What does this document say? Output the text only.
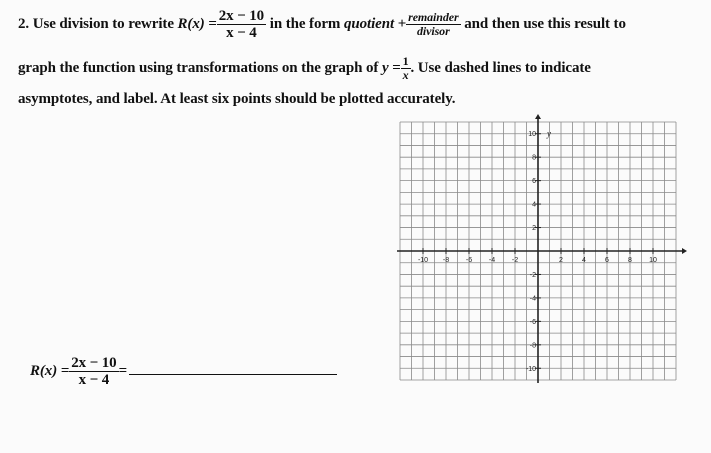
2. Use division to rewrite $R(x) = \frac{2x - 10}{x - 4}$ in the form quotient + $\frac{\text{remainder}}{\text{divisor}}$ and then use this result to
graph the function using transformations on the graph of $y = \frac{1}{x}$ . Use dashed lines to indicate
asymptotes, and label. At least six points should be plotted accurately.
$R(x) = \frac{2x - 10}{x - 4}$ =
y
-10 -8 -6 -4 -2	2	4	6	8 10
10
8
6
4
2
-2
-4
-6
-8
-10
